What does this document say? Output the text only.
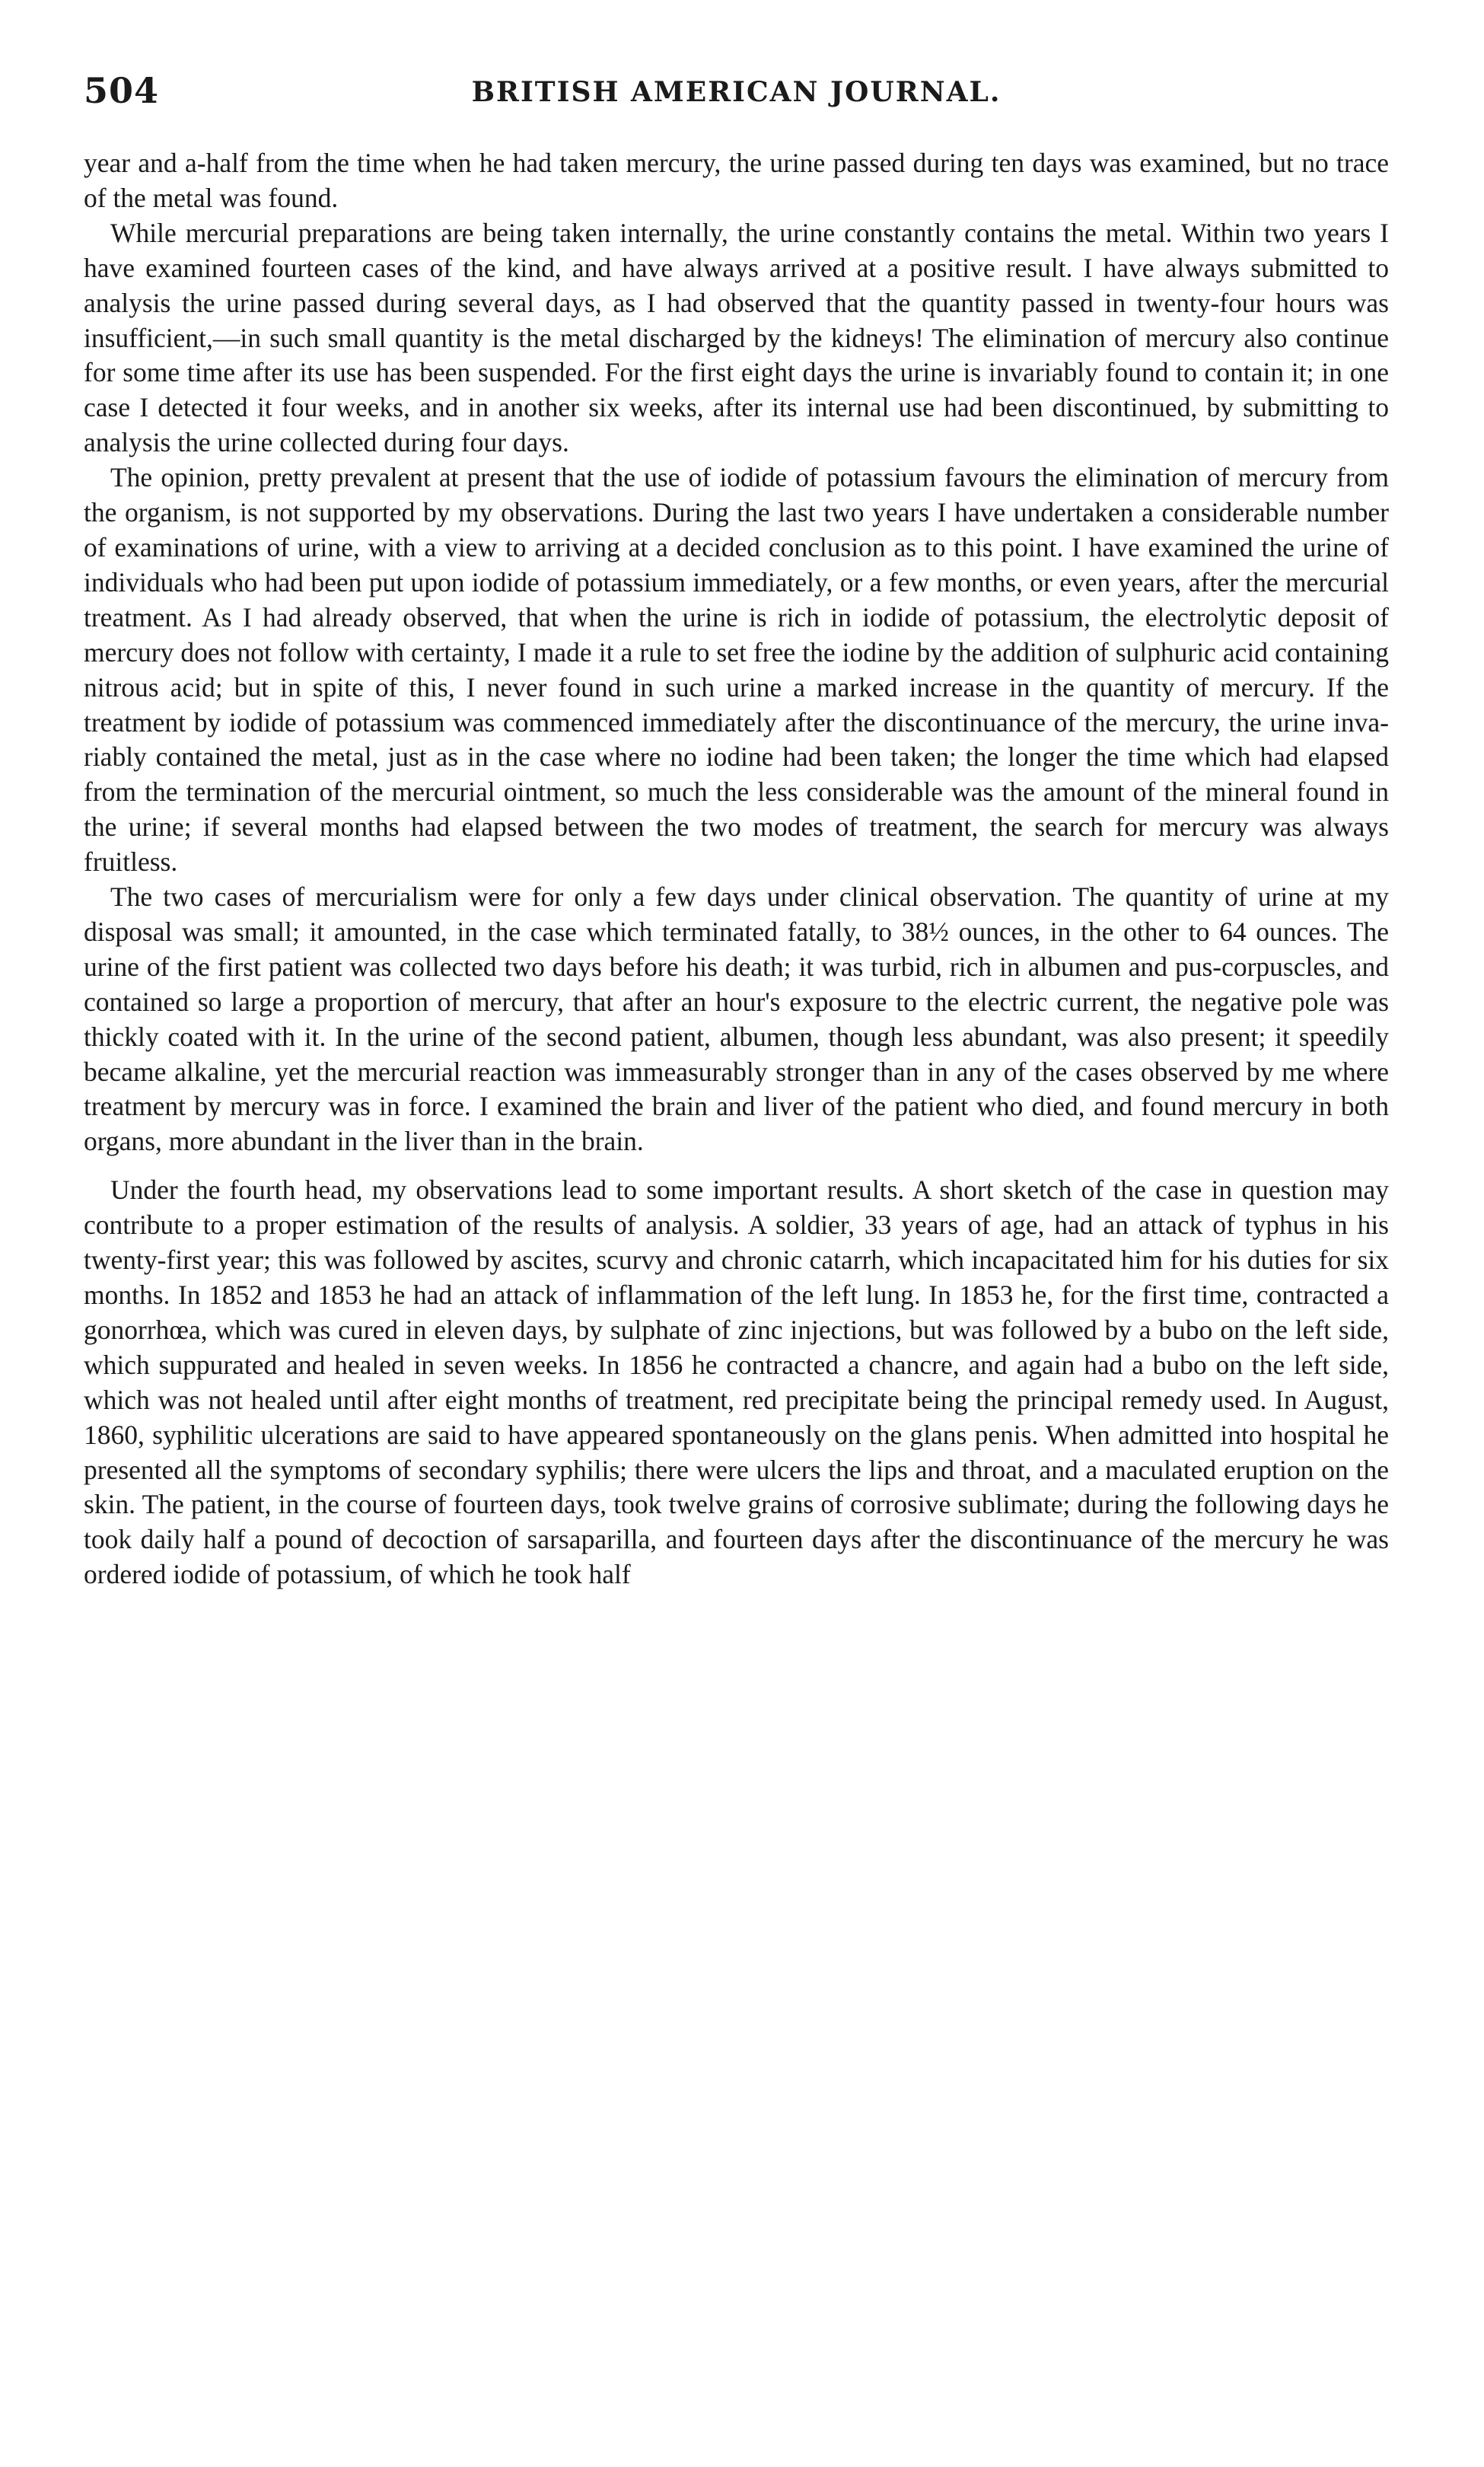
504	BRITISH AMERICAN JOURNAL.

year and a-half from the time when he had taken mercury, the urine passed during ten days was examined, but no trace of the metal was found.

While mercurial preparations are being taken internally, the urine constantly contains the metal. Within two years I have examined fourteen cases of the kind, and have always arrived at a positive result. I have always submitted to analysis the urine passed during several days, as I had observed that the quantity passed in twenty-four hours was insufficient,—in such small quantity is the metal discharged by the kidneys! The elimination of mercury also continue for some time after its use has been suspended. For the first eight days the urine is invariably found to contain it; in one case I detected it four weeks, and in another six weeks, after its internal use had been discontinued, by submitting to analysis the urine collected during four days.

The opinion, pretty prevalent at present that the use of iodide of potassium favours the elimination of mercury from the organism, is not supported by my observations. During the last two years I have undertaken a considerable number of examinations of urine, with a view to arriving at a decided conclusion as to this point. I have examined the urine of individuals who had been put upon iodide of potassium immediately, or a few months, or even years, after the mercurial treatment. As I had already observed, that when the urine is rich in iodide of potassium, the electrolytic deposit of mercury does not follow with certainty, I made it a rule to set free the iodine by the addition of sulphuric acid containing nitrous acid; but in spite of this, I never found in such urine a marked increase in the quantity of mercury. If the treatment by iodide of potassium was commenced immediately after the discontinuance of the mercury, the urine invariably contained the metal, just as in the case where no iodine had been taken; the longer the time which had elapsed from the termination of the mercurial ointment, so much the less considerable was the amount of the mineral found in the urine; if several months had elapsed between the two modes of treatment, the search for mercury was always fruitless.

The two cases of mercurialism were for only a few days under clinical observation. The quantity of urine at my disposal was small; it amounted, in the case which terminated fatally, to 38½ ounces, in the other to 64 ounces. The urine of the first patient was collected two days before his death; it was turbid, rich in albumen and pus-corpuscles, and contained so large a proportion of mercury, that after an hour's exposure to the electric current, the negative pole was thickly coated with it. In the urine of the second patient, albumen, though less abundant, was also present; it speedily became alkaline, yet the mercurial reaction was immeasurably stronger than in any of the cases observed by me where treatment by mercury was in force. I examined the brain and liver of the patient who died, and found mercury in both organs, more abundant in the liver than in the brain.

Under the fourth head, my observations lead to some important results. A short sketch of the case in question may contribute to a proper estimation of the results of analysis. A soldier, 33 years of age, had an attack of typhus in his twenty-first year; this was followed by ascites, scurvy and chronic catarrh, which incapacitated him for his duties for six months. In 1852 and 1853 he had an attack of inflammation of the left lung. In 1853 he, for the first time, contracted a gonorrhœa, which was cured in eleven days, by sulphate of zinc injections, but was followed by a bubo on the left side, which suppurated and healed in seven weeks. In 1856 he contracted a chancre, and again had a bubo on the left side, which was not healed until after eight months of treatment, red precipitate being the principal remedy used. In August, 1860, syphilitic ulcerations are said to have appeared spontaneously on the glans penis. When admitted into hospital he presented all the symptoms of secondary syphilis; there were ulcers the lips and throat, and a maculated eruption on the skin. The patient, in the course of fourteen days, took twelve grains of corrosive sublimate; during the following days he took daily half a pound of decoction of sarsaparilla, and fourteen days after the discontinuance of the mercury he was ordered iodide of potassium, of which he took half
